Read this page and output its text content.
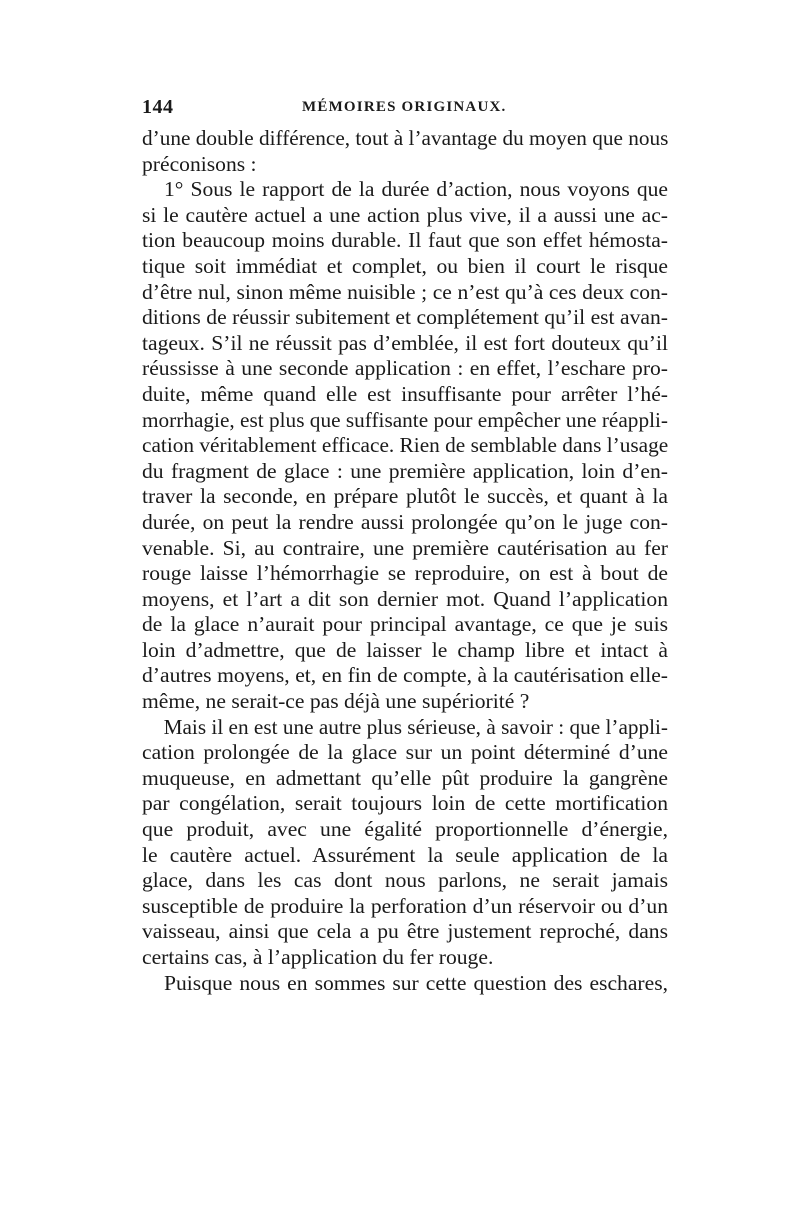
144	MÉMOIRES ORIGINAUX.
d’une double différence, tout à l’avantage du moyen que nous
préconisons :
1° Sous le rapport de la durée d’action, nous voyons que
si le cautère actuel a une action plus vive, il a aussi une ac-
tion beaucoup moins durable. Il faut que son effet hémosta-
tique soit immédiat et complet, ou bien il court le risque
d’être nul, sinon même nuisible ; ce n’est qu’à ces deux con-
ditions de réussir subitement et complétement qu’il est avan-
tageux. S’il ne réussit pas d’emblée, il est fort douteux qu’il
réussisse à une seconde application : en effet, l’eschare pro-
duite, même quand elle est insuffisante pour arrêter l’hé-
morrhagie, est plus que suffisante pour empêcher une réappli-
cation véritablement efficace. Rien de semblable dans l’usage
du fragment de glace : une première application, loin d’en-
traver la seconde, en prépare plutôt le succès, et quant à la
durée, on peut la rendre aussi prolongée qu’on le juge con-
venable. Si, au contraire, une première cautérisation au fer
rouge laisse l’hémorrhagie se reproduire, on est à bout de
moyens, et l’art a dit son dernier mot. Quand l’application
de la glace n’aurait pour principal avantage, ce que je suis
loin d’admettre, que de laisser le champ libre et intact à
d’autres moyens, et, en fin de compte, à la cautérisation elle-
même, ne serait-ce pas déjà une supériorité ?
Mais il en est une autre plus sérieuse, à savoir : que l’appli-
cation prolongée de la glace sur un point déterminé d’une
muqueuse, en admettant qu’elle pût produire la gangrène
par congélation, serait toujours loin de cette mortification
que produit, avec une égalité proportionnelle d’énergie,
le cautère actuel. Assurément la seule application de la
glace, dans les cas dont nous parlons, ne serait jamais
susceptible de produire la perforation d’un réservoir ou d’un
vaisseau, ainsi que cela a pu être justement reproché, dans
certains cas, à l’application du fer rouge.
Puisque nous en sommes sur cette question des eschares,
